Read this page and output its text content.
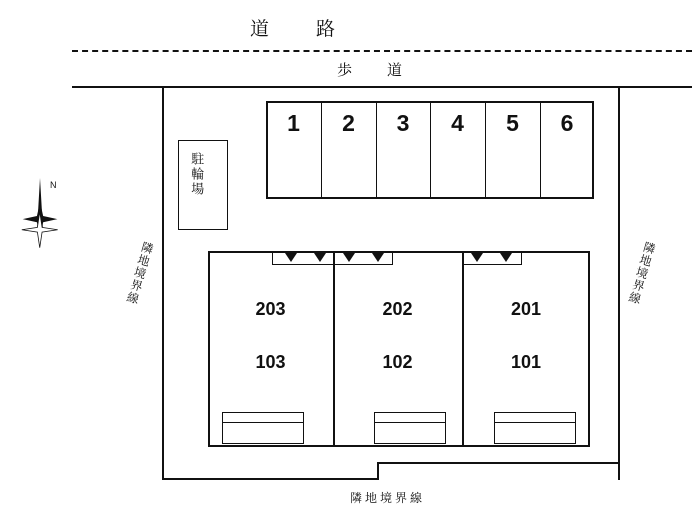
道　路
歩　道
1	2	3	4	5	6
駐輪場
203
103
202
102
201
101
隣地境界線	隣地境界線
隣地境界線
N
